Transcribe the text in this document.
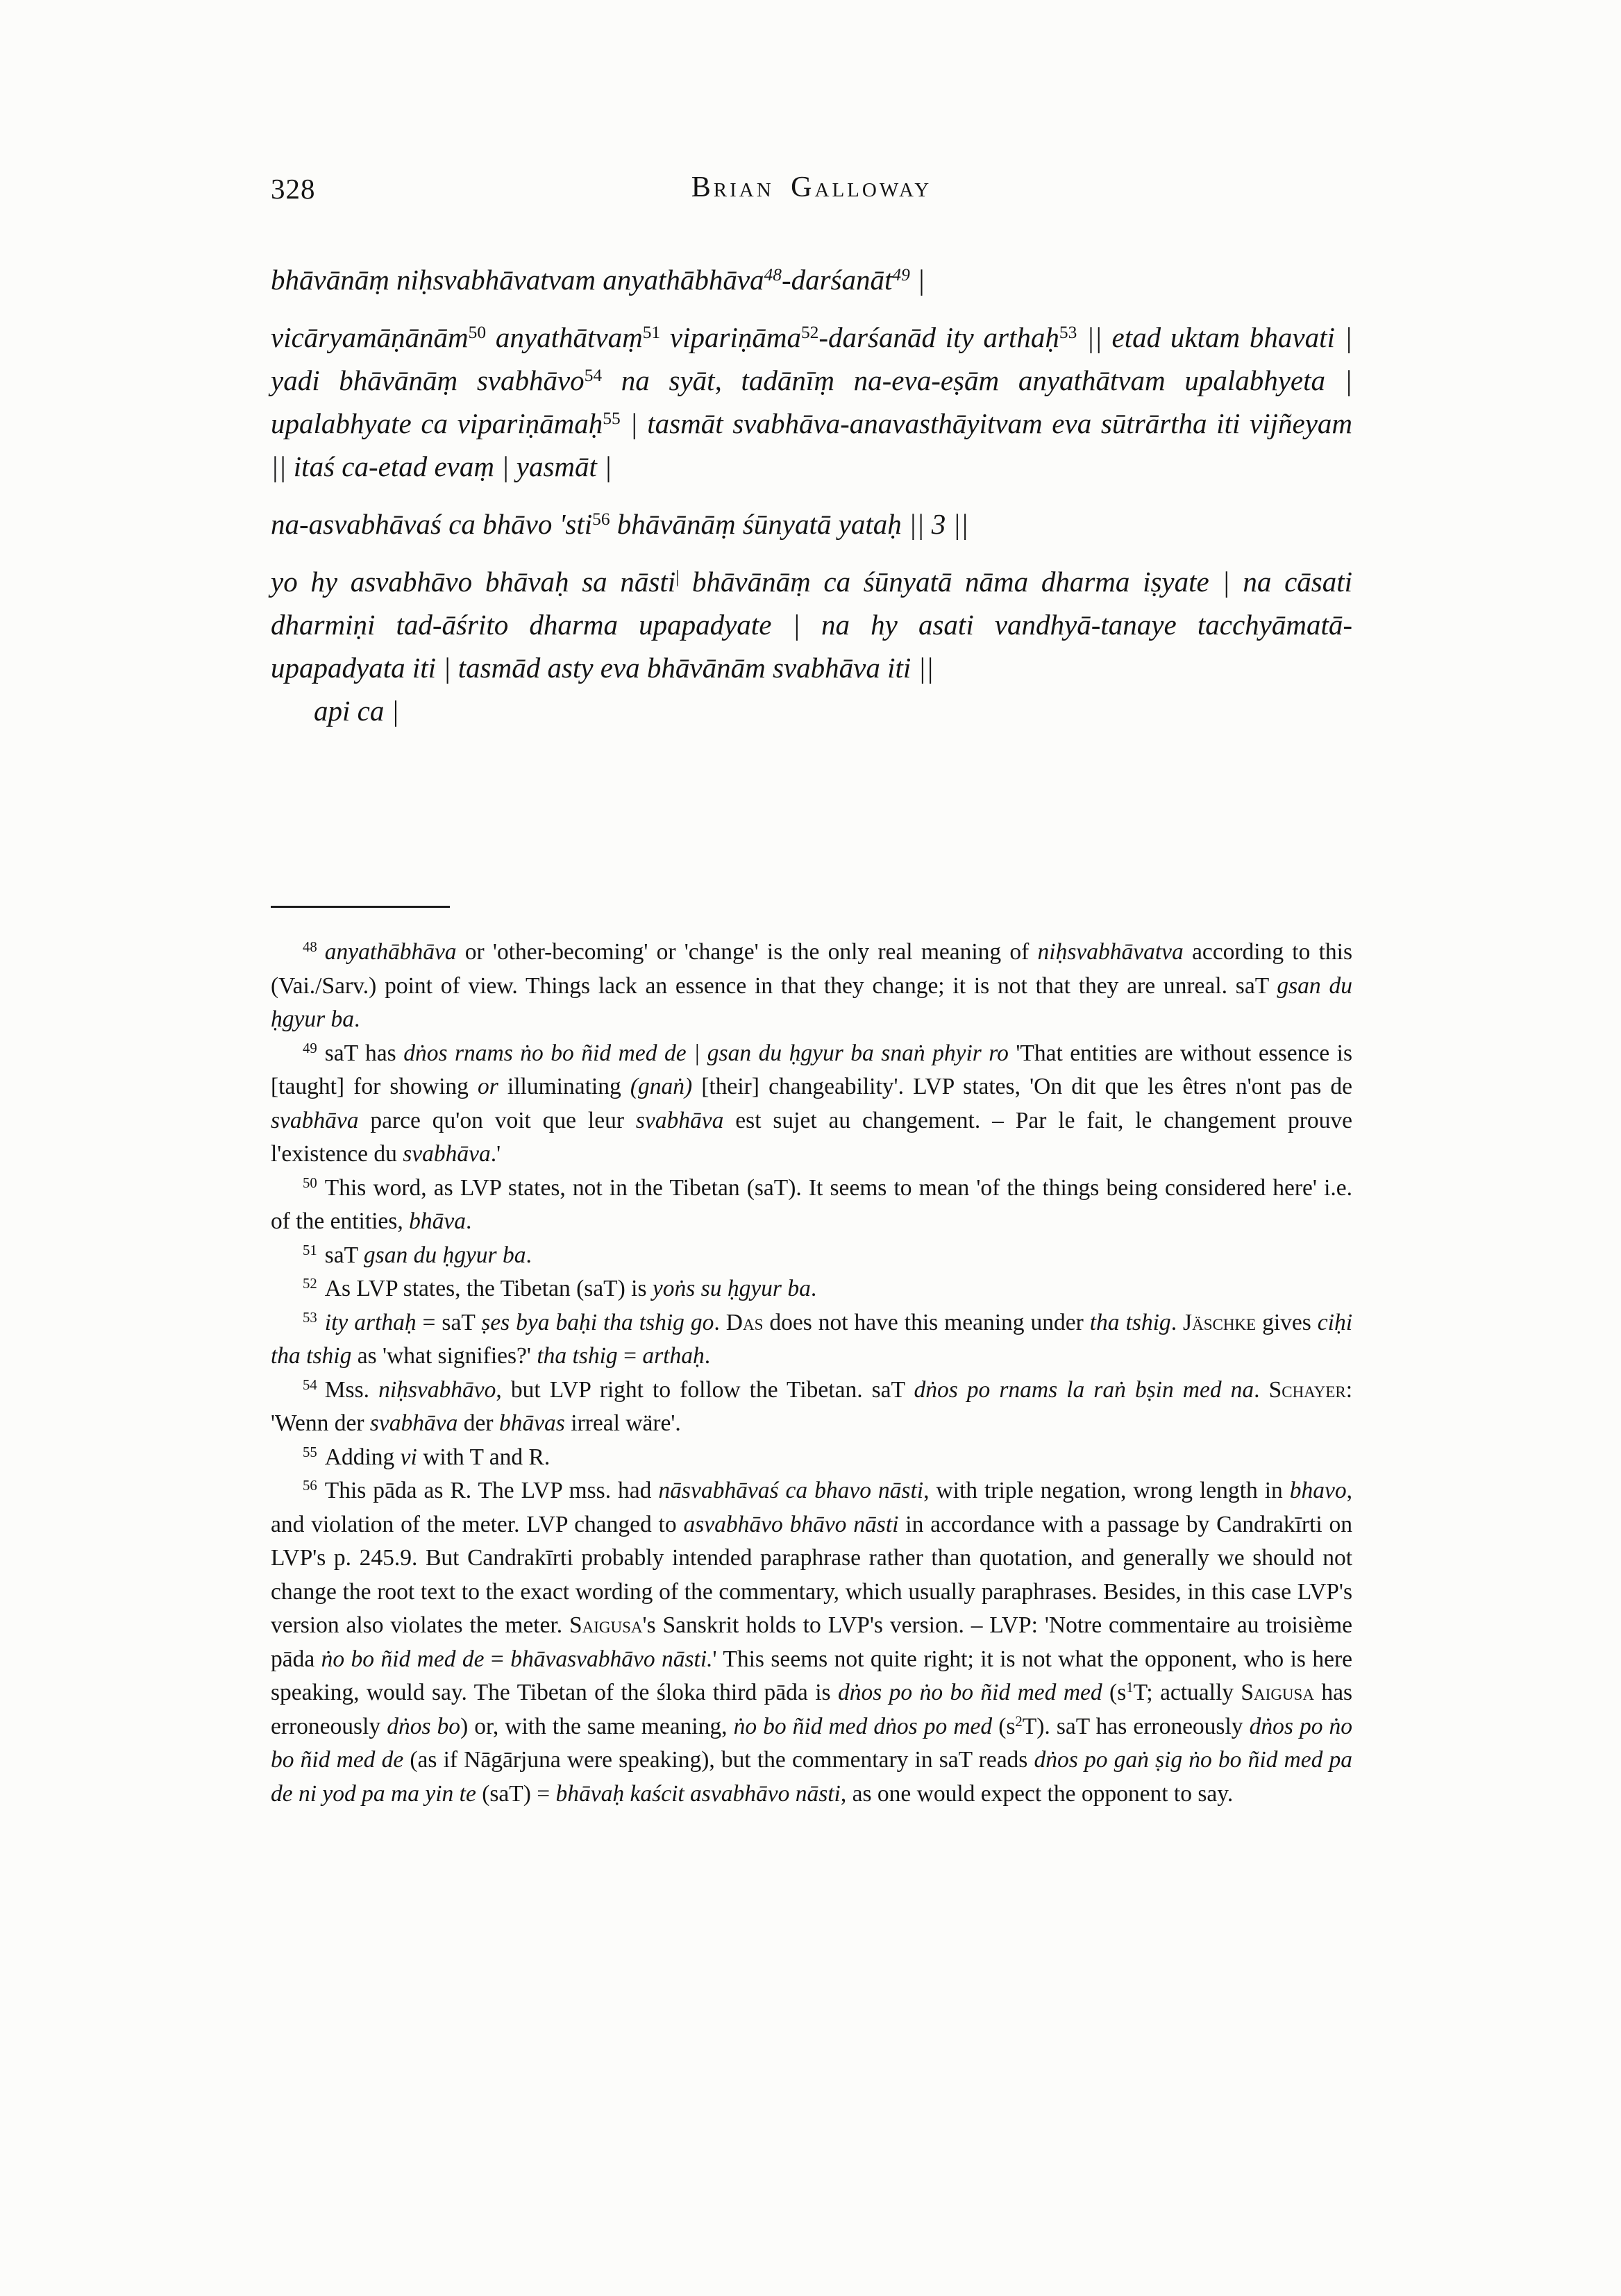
328	Brian Galloway

bhāvānāṃ niḥsvabhāvatvam anyathābhāva$^{48}$-darśanāt$^{49}$ |

vicāryamāṇānām$^{50}$ anyathātvaṃ$^{51}$ vipariṇāma$^{52}$-darśanād ity arthaḥ$^{53}$ || etad uktam bhavati | yadi bhāvānāṃ svabhāvo$^{54}$ na syāt, tadānīṃ na-eva-eṣām anyathātvam upalabhyeta | upalabhyate ca vipariṇāmaḥ$^{55}$ | tasmāt svabhāva-anavasthāyitvam eva sūtrārtha iti vijñeyam || itaś ca-etad evaṃ | yasmāt |

na-asvabhāvaś ca bhāvo 'sti$^{56}$ bhāvānāṃ śūnyatā yataḥ || 3 ||

yo hy asvabhāvo bhāvaḥ sa nāsti| bhāvānāṃ ca śūnyatā nāma dharma iṣyate | na cāsati dharmiṇi tad-āśrito dharma upapadyate | na hy asati vandhyā-tanaye tacchyāmatā-upapadyata iti | tasmād asty eva bhāvānām svabhāva iti ||

api ca |

$^{48}$ anyathābhāva or 'other-becoming' or 'change' is the only real meaning of niḥsvabhāvatva according to this (Vai./Sarv.) point of view. Things lack an essence in that they change; it is not that they are unreal. saT gsan du ḥgyur ba.

$^{49}$ saT has dṅos rnams ṅo bo ñid med de | gsan du ḥgyur ba snaṅ phyir ro 'That entities are without essence is [taught] for showing or illuminating (gnaṅ) [their] changeability'. LVP states, 'On dit que les êtres n'ont pas de svabhāva parce qu'on voit que leur svabhāva est sujet au changement. – Par le fait, le changement prouve l'existence du svabhāva.'

$^{50}$ This word, as LVP states, not in the Tibetan (saT). It seems to mean 'of the things being considered here' i.e. of the entities, bhāva.

$^{51}$ saT gsan du ḥgyur ba.

$^{52}$ As LVP states, the Tibetan (saT) is yoṅs su ḥgyur ba.

$^{53}$ ity arthaḥ = saT ṣes bya baḥi tha tshig go. Das does not have this meaning under tha tshig. Jäschke gives ciḥi tha tshig as 'what signifies?' tha tshig = arthaḥ.

$^{54}$ Mss. niḥsvabhāvo, but LVP right to follow the Tibetan. saT dṅos po rnams la raṅ bṣin med na. Schayer: 'Wenn der svabhāva der bhāvas irreal wäre'.

$^{55}$ Adding vi with T and R.

$^{56}$ This pāda as R. The LVP mss. had nāsvabhāvaś ca bhavo nāsti, with triple negation, wrong length in bhavo, and violation of the meter. LVP changed to asvabhāvo bhāvo nāsti in accordance with a passage by Candrakīrti on LVP's p. 245.9. But Candrakīrti probably intended paraphrase rather than quotation, and generally we should not change the root text to the exact wording of the commentary, which usually paraphrases. Besides, in this case LVP's version also violates the meter. Saigusa's Sanskrit holds to LVP's version. – LVP: 'Notre commentaire au troisième pāda ṅo bo ñid med de = bhāvasvabhāvo nāsti.' This seems not quite right; it is not what the opponent, who is here speaking, would say. The Tibetan of the śloka third pāda is dṅos po ṅo bo ñid med med ($s^1T$; actually Saigusa has erroneously dṅos bo) or, with the same meaning, ṅo bo ñid med dṅos po med $(s^2T)$. saT has erroneously dṅos po ṅo bo ñid med de (as if Nāgārjuna were speaking), but the commentary in saT reads dṅos po gaṅ ṣig ṅo bo ñid med pa de ni yod pa ma yin te (saT) = bhāvaḥ kaścit asvabhāvo nāsti, as one would expect the opponent to say.
